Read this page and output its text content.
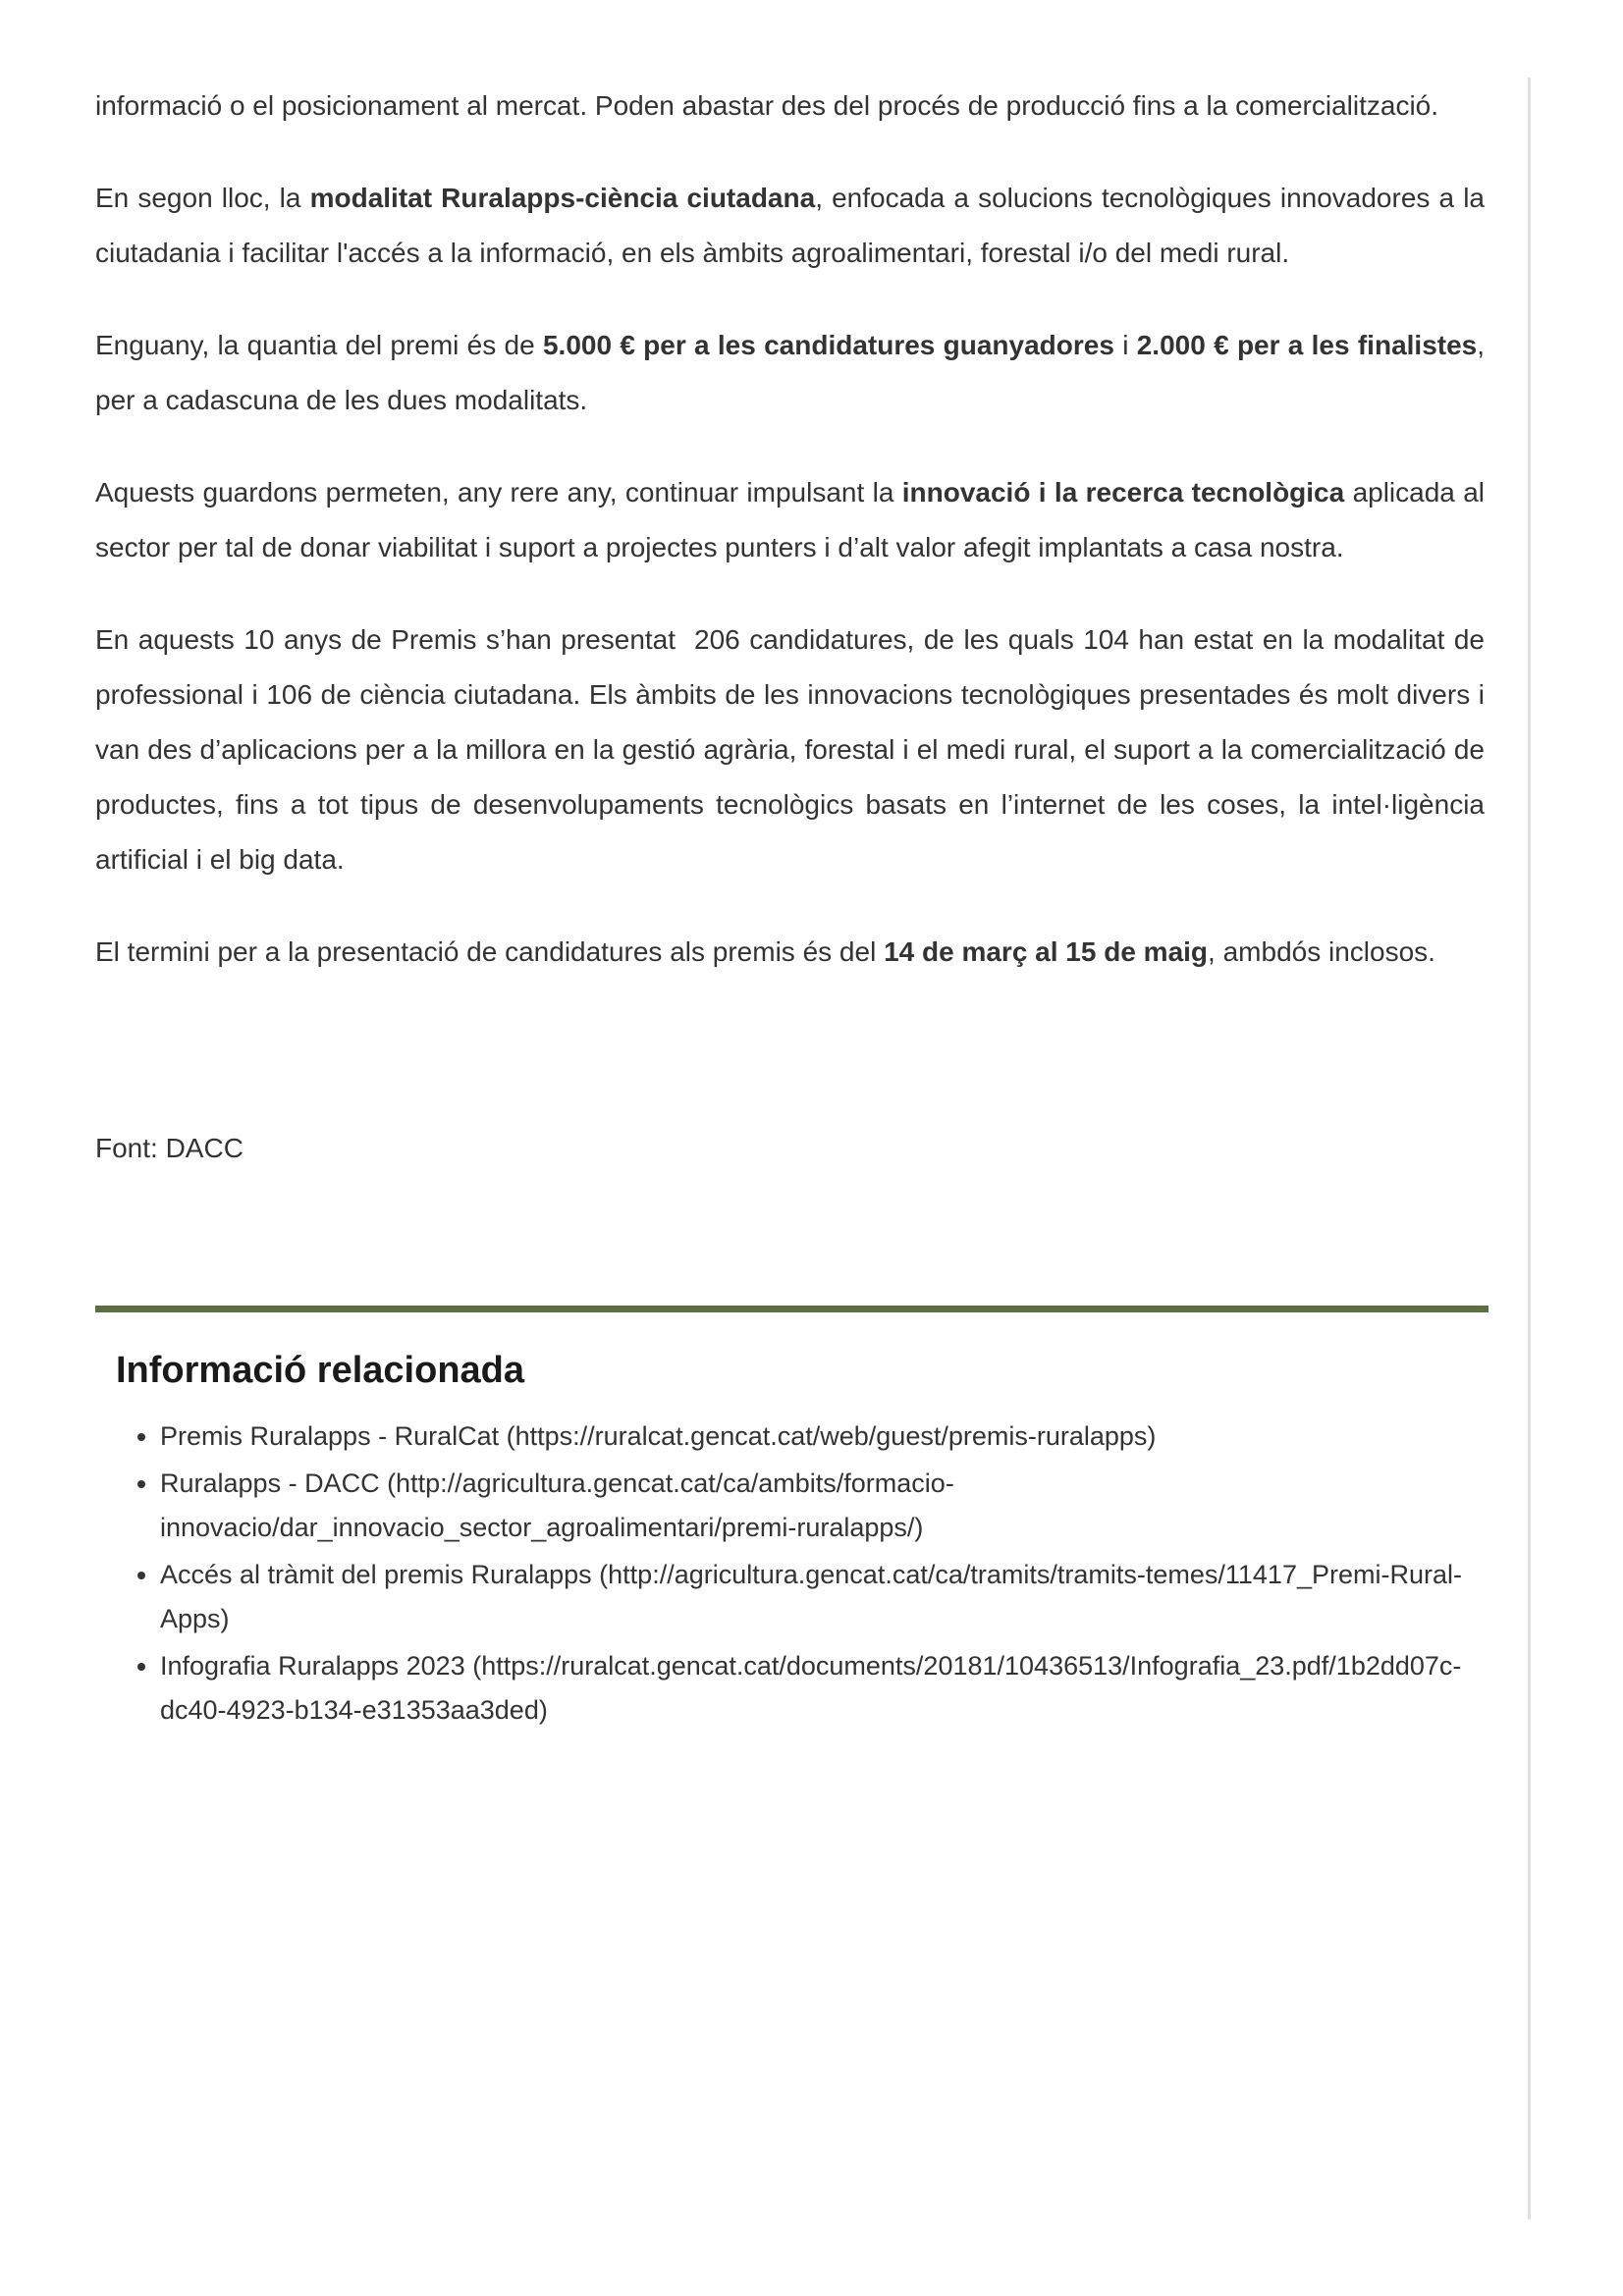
informació o el posicionament al mercat. Poden abastar des del procés de producció fins a la comercialització.

En segon lloc, la modalitat Ruralapps-ciència ciutadana, enfocada a solucions tecnològiques innovadores a la ciutadania i facilitar l'accés a la informació, en els àmbits agroalimentari, forestal i/o del medi rural.

Enguany, la quantia del premi és de 5.000 € per a les candidatures guanyadores i 2.000 € per a les finalistes, per a cadascuna de les dues modalitats.

Aquests guardons permeten, any rere any, continuar impulsant la innovació i la recerca tecnològica aplicada al sector per tal de donar viabilitat i suport a projectes punters i d’alt valor afegit implantats a casa nostra.

En aquests 10 anys de Premis s’han presentat  206 candidatures, de les quals 104 han estat en la modalitat de professional i 106 de ciència ciutadana. Els àmbits de les innovacions tecnològiques presentades és molt divers i van des d’aplicacions per a la millora en la gestió agrària, forestal i el medi rural, el suport a la comercialització de productes, fins a tot tipus de desenvolupaments tecnològics basats en l’internet de les coses, la intel·ligència artificial i el big data.

El termini per a la presentació de candidatures als premis és del 14 de març al 15 de maig, ambdós inclosos.

Font: DACC

Informació relacionada
• Premis Ruralapps - RuralCat (https://ruralcat.gencat.cat/web/guest/premis-ruralapps)
• Ruralapps - DACC (http://agricultura.gencat.cat/ca/ambits/formacio-innovacio/dar_innovacio_sector_agroalimentari/premi-ruralapps/)
• Accés al tràmit del premis Ruralapps (http://agricultura.gencat.cat/ca/tramits/tramits-temes/11417_Premi-Rural-Apps)
• Infografia Ruralapps 2023 (https://ruralcat.gencat.cat/documents/20181/10436513/Infografia_23.pdf/1b2dd07c-dc40-4923-b134-e31353aa3ded)
